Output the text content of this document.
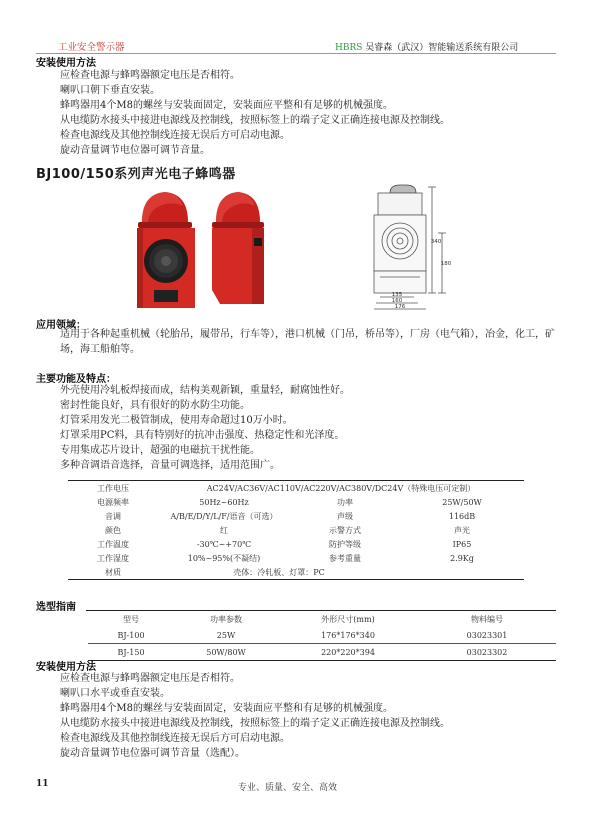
工业安全警示器	HBRS 吴睿森（武汉）智能输送系统有限公司
安装使用方法
应检查电源与蜂鸣器额定电压是否相符。
喇叭口朝下垂直安装。
蜂鸣器用4个M8的螺丝与安装面固定，安装面应平整和有足够的机械强度。
从电缆防水接头中接进电源线及控制线，按照标签上的端子定义正确连接电源及控制线。
检查电源线及其他控制线连接无误后方可启动电源。
旋动音量调节电位器可调节音量。
BJ100/150系列声光电子蜂鸣器
340
180
135
160
176
应用领域：
适用于各种起重机械（轮胎吊，履带吊，行车等），港口机械（门吊，桥吊等），厂房（电气箱），冶金，化工，矿场，海工船舶等。
主要功能及特点：
外壳使用冷轧板焊接而成，结构美观新颖，重量轻，耐腐蚀性好。
密封性能良好，具有很好的防水防尘功能。
灯管采用发光二极管制成，使用寿命超过10万小时。
灯罩采用PC料，具有特别好的抗冲击强度、热稳定性和光泽度。
专用集成芯片设计，超强的电磁抗干扰性能。
多种音调语音选择，音量可调选择，适用范围广。
工作电压	AC24V/AC36V/AC110V/AC220V/AC380V/DC24V（特殊电压可定制）		
电源频率	50Hz~60Hz	功率	25W/50W
音调	A/B/E/D/Y/L/F/语音（可选）	声级	116dB
颜色	红	示警方式	声光
工作温度	-30℃~+70℃	防护等级	IP65
工作湿度	10%~95%(不凝结)	参考重量	2.9Kg
材质	壳体：冷轧板、灯罩：PC		
选型指南
型号	功率参数	外形尺寸(mm)	物料编号
BJ-100	25W	176*176*340	03023301
BJ-150	50W/80W	220*220*394	03023302
安装使用方法
应检查电源与蜂鸣器额定电压是否相符。
喇叭口水平或垂直安装。
蜂鸣器用4个M8的螺丝与安装面固定，安装面应平整和有足够的机械强度。
从电缆防水接头中接进电源线及控制线，按照标签上的端子定义正确连接电源及控制线。
检查电源线及其他控制线连接无误后方可启动电源。
旋动音量调节电位器可调节音量（选配）。
11	专业、质量、安全、高效
